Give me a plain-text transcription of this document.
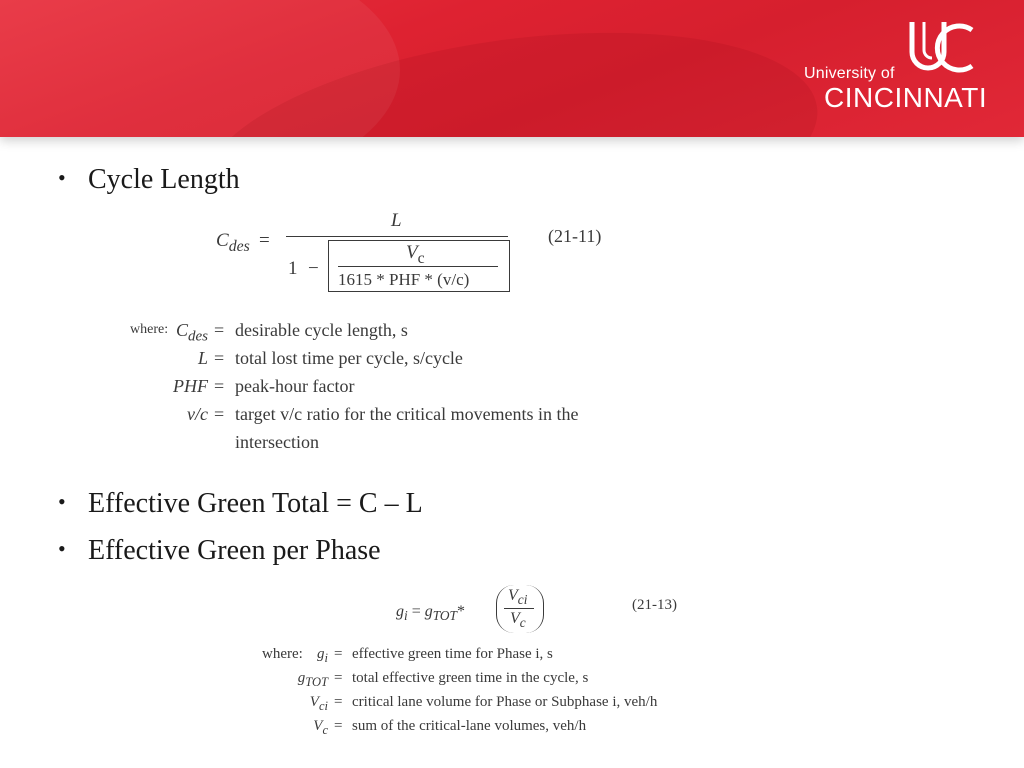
University of
CINCINNATI
• Cycle Length
$C_{des}$ =
L
1 −
$V_c$
1615 * PHF * (v/c)
(21-11)
where: $C_{des}$ = desirable cycle length, s
L = total lost time per cycle, s/cycle
PHF = peak-hour factor
v/c = target v/c ratio for the critical movements in the
intersection
• Effective Green Total = C – L
• Effective Green per Phase
$g_i = g_{TOT}*$
$V_{ci}$
$V_c$
(21-13)
where: $g_i$ = effective green time for Phase i, s
$g_{TOT}$ = total effective green time in the cycle, s
$V_{ci}$ = critical lane volume for Phase or Subphase i, veh/h
$V_c$ = sum of the critical-lane volumes, veh/h
